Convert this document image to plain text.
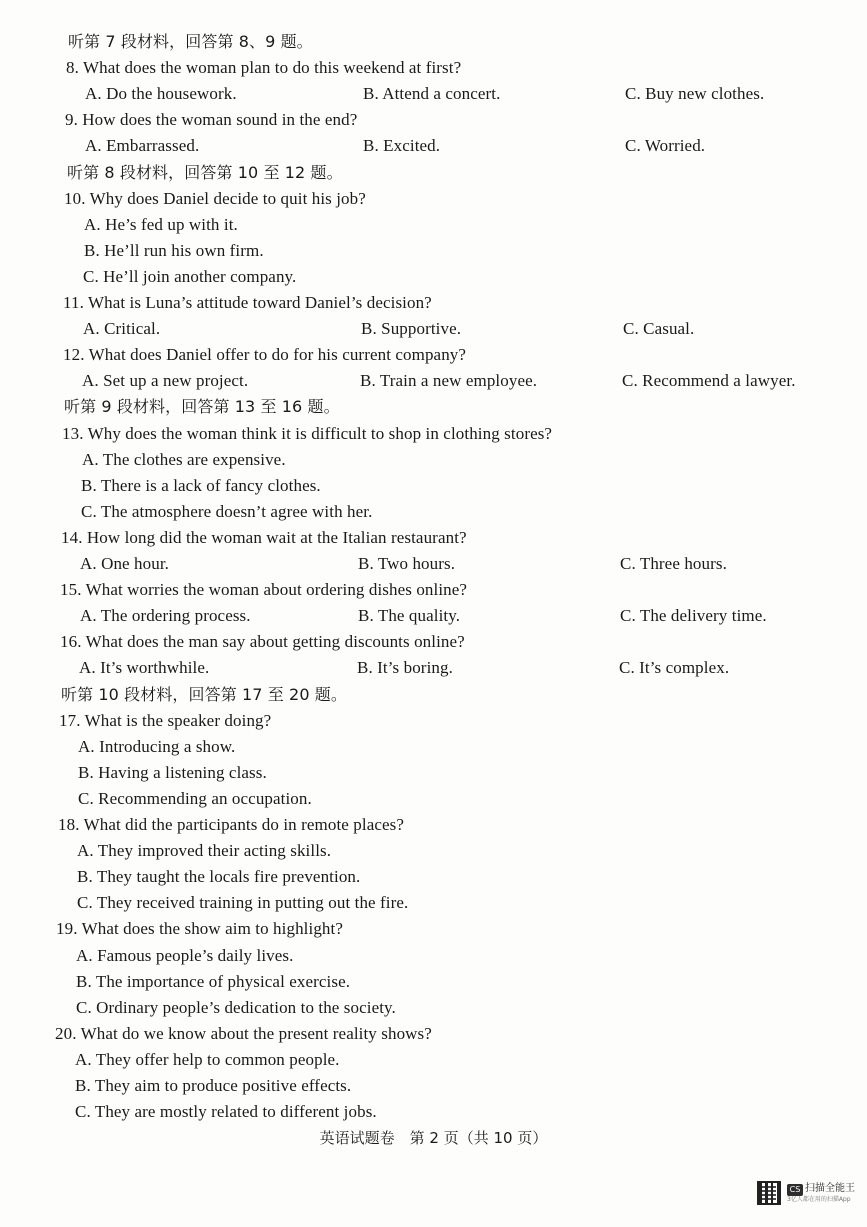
听第 7 段材料，回答第 8、9 题。
8. What does the woman plan to do this weekend at first?
A. Do the housework.	B. Attend a concert.	C. Buy new clothes.
9. How does the woman sound in the end?
A. Embarrassed.	B. Excited.	C. Worried.
听第 8 段材料，回答第 10 至 12 题。
10. Why does Daniel decide to quit his job?
A. He’s fed up with it.
B. He’ll run his own firm.
C. He’ll join another company.
11. What is Luna’s attitude toward Daniel’s decision?
A. Critical.	B. Supportive.	C. Casual.
12. What does Daniel offer to do for his current company?
A. Set up a new project.	B. Train a new employee.	C. Recommend a lawyer.
听第 9 段材料，回答第 13 至 16 题。
13. Why does the woman think it is difficult to shop in clothing stores?
A. The clothes are expensive.
B. There is a lack of fancy clothes.
C. The atmosphere doesn’t agree with her.
14. How long did the woman wait at the Italian restaurant?
A. One hour.	B. Two hours.	C. Three hours.
15. What worries the woman about ordering dishes online?
A. The ordering process.	B. The quality.	C. The delivery time.
16. What does the man say about getting discounts online?
A. It’s worthwhile.	B. It’s boring.	C. It’s complex.
听第 10 段材料，回答第 17 至 20 题。
17. What is the speaker doing?
A. Introducing a show.
B. Having a listening class.
C. Recommending an occupation.
18. What did the participants do in remote places?
A. They improved their acting skills.
B. They taught the locals fire prevention.
C. They received training in putting out the fire.
19. What does the show aim to highlight?
A. Famous people’s daily lives.
B. The importance of physical exercise.
C. Ordinary people’s dedication to the society.
20. What do we know about the present reality shows?
A. They offer help to common people.
B. They aim to produce positive effects.
C. They are mostly related to different jobs.
英语试题卷　第 2 页（共 10 页）
CS 扫描全能王
3亿人都在用的扫描App
